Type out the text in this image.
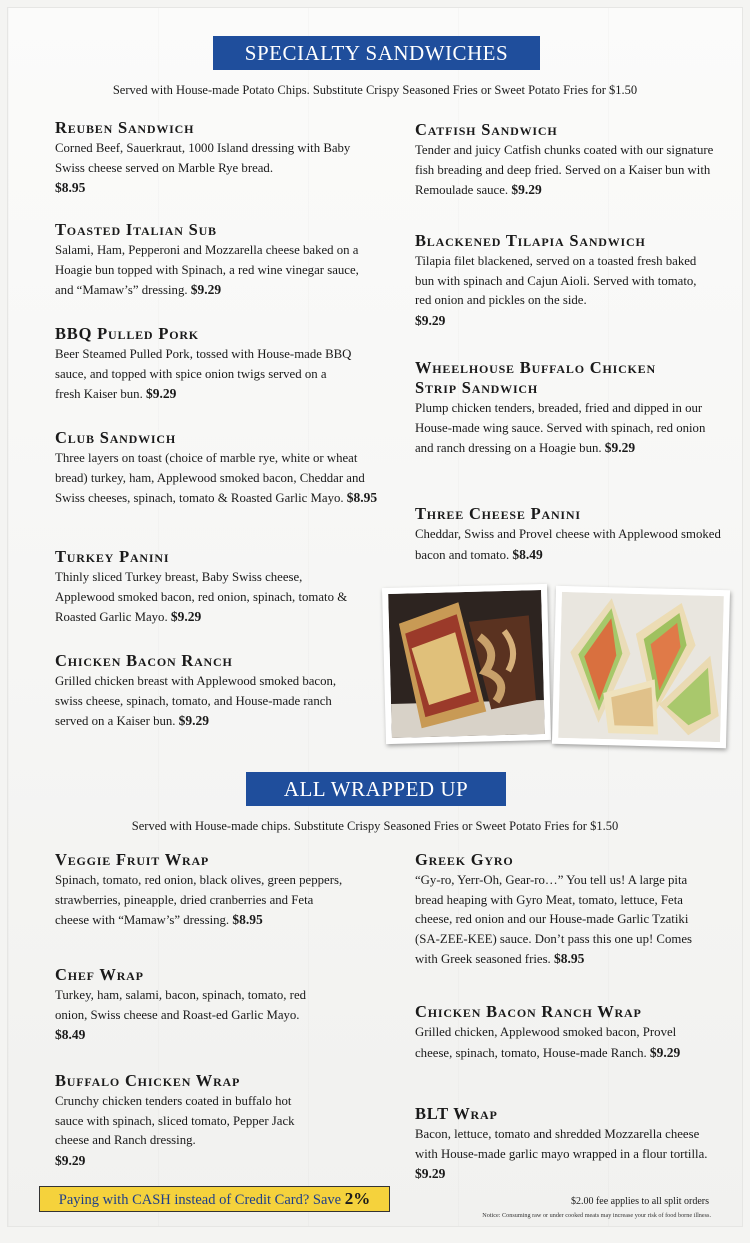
SPECIALTY SANDWICHES
Served with House-made Potato Chips. Substitute Crispy Seasoned Fries or Sweet Potato Fries for $1.50
Reuben Sandwich
Corned Beef, Sauerkraut, 1000 Island dressing with Baby Swiss cheese served on Marble Rye bread.
$8.95
Toasted Italian Sub
Salami, Ham, Pepperoni and Mozzarella cheese baked on a Hoagie bun topped with Spinach, a red wine vinegar sauce, and “Mamaw’s” dressing. $9.29
BBQ Pulled Pork
Beer Steamed Pulled Pork, tossed with House-made BBQ sauce, and topped with spice onion twigs served on a fresh Kaiser bun. $9.29
Club Sandwich
Three layers on toast (choice of marble rye, white or wheat bread) turkey, ham, Applewood smoked bacon, Cheddar and Swiss cheeses, spinach, tomato & Roasted Garlic Mayo. $8.95
Turkey Panini
Thinly sliced Turkey breast, Baby Swiss cheese, Applewood smoked bacon, red onion, spinach, tomato & Roasted Garlic Mayo. $9.29
Chicken Bacon Ranch
Grilled chicken breast with Applewood smoked bacon, swiss cheese, spinach, tomato, and House-made ranch served on a Kaiser bun. $9.29
Catfish Sandwich
Tender and juicy Catfish chunks coated with our signature fish breading and deep fried. Served on a Kaiser bun with Remoulade sauce. $9.29
Blackened Tilapia Sandwich
Tilapia filet blackened, served on a toasted fresh baked bun with spinach and Cajun Aioli. Served with tomato, red onion and pickles on the side.
$9.29
Wheelhouse Buffalo Chicken Strip Sandwich
Plump chicken tenders, breaded, fried and dipped in our House-made wing sauce. Served with spinach, red onion and ranch dressing on a Hoagie bun. $9.29
Three Cheese Panini
Cheddar, Swiss and Provel cheese with Applewood smoked bacon and tomato. $8.49
ALL WRAPPED UP
Served with House-made chips. Substitute Crispy Seasoned Fries or Sweet Potato Fries for $1.50
Veggie Fruit Wrap
Spinach, tomato, red onion, black olives, green peppers, strawberries, pineapple, dried cranberries and Feta cheese with “Mamaw’s” dressing. $8.95
Chef Wrap
Turkey, ham, salami, bacon, spinach, tomato, red onion, Swiss cheese and Roast-ed Garlic Mayo. $8.49
Buffalo Chicken Wrap
Crunchy chicken tenders coated in buffalo hot sauce with spinach, sliced tomato, Pepper Jack cheese and Ranch dressing.
$9.29
Greek Gyro
“Gy-ro, Yerr-Oh, Gear-ro…” You tell us! A large pita bread heaping with Gyro Meat, tomato, lettuce, Feta cheese, red onion and our House-made Garlic Tzatiki (SA-ZEE-KEE) sauce. Don’t pass this one up! Comes with Greek seasoned fries. $8.95
Chicken Bacon Ranch Wrap
Grilled chicken, Applewood smoked bacon, Provel cheese, spinach, tomato, House-made Ranch. $9.29
BLT Wrap
Bacon, lettuce, tomato and shredded Mozzarella cheese with House-made garlic mayo wrapped in a flour tortilla. $9.29
Paying with CASH instead of Credit Card? Save 2%	$2.00 fee applies to all split orders
Notice: Consuming raw or under cooked meats may increase your risk of food borne illness.
